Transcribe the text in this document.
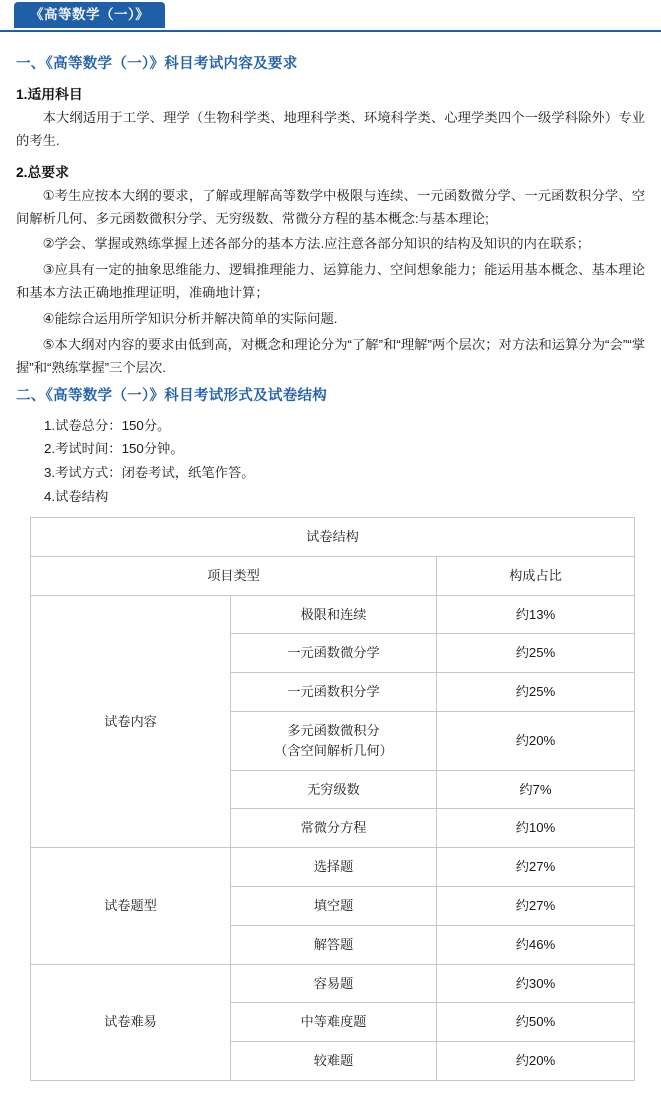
《高等数学（一）》
一、《高等数学（一）》科目考试内容及要求
1.适用科目

本大纲适用于工学、理学（生物科学类、地理科学类、环境科学类、心理学类四个一级学科除外）专业的考生.

2.总要求

①考生应按本大纲的要求，了解或理解高等数学中极限与连续、一元函数微分学、一元函数积分学、空间解析几何、多元函数微积分学、无穷级数、常微分方程的基本概念:与基本理论;

②学会、掌握或熟练掌握上述各部分的基本方法.应注意各部分知识的结构及知识的内在联系；

③应具有一定的抽象思维能力、逻辑推理能力、运算能力、空间想象能力；能运用基本概念、基本理论和基本方法正确地推理证明，准确地计算；

④能综合运用所学知识分析并解决简单的实际问题.

⑤本大纲对内容的要求由低到高，对概念和理论分为“了解”和“理解”两个层次；对方法和运算分为“会”“掌握”和“熟练掌握”三个层次.

二、《高等数学（一）》科目考试形式及试卷结构

1.试卷总分：150分。

2.考试时间：150分钟。

3.考试方式：闭卷考试，纸笔作答。

4.试卷结构

试卷结构		
项目类型		构成占比
试卷内容	极限和连续	约13%
	一元函数微分学	约25%
	一元函数积分学	约25%

	多元函数微积分
（含空间解析几何）	约20%
	无穷级数	约7%
	常微分方程	约10%
试卷题型	选择题	约27%
	填空题	约27%
	解答题	约46%
试卷难易	容易题	约30%
	中等难度题	约50%
	较难题	约20%
